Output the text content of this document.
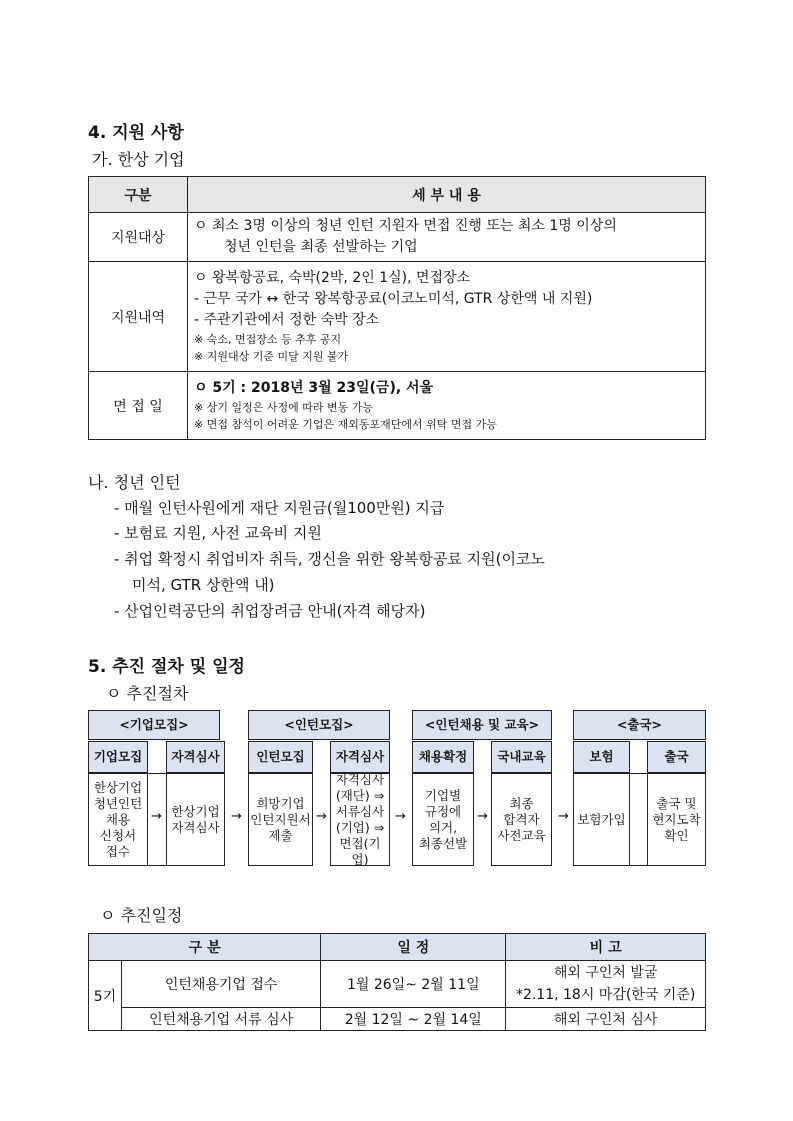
4. 지원 사항
가. 한상 기업
구분	세 부 내 용
지원대상	ㅇ 최소 3명 이상의 청년 인턴 지원자 면접 진행 또는 최소 1명 이상의
청년 인턴을 최종 선발하는 기업

지원내역	ㅇ 왕복항공료, 숙박(2박, 2인 1실), 면접장소
- 근무 국가 ↔ 한국 왕복항공료(이코노미석, GTR 상한액 내 지원)
- 주관기관에서 정한 숙박 장소
※ 숙소, 면접장소 등 추후 공지
※ 지원대상 기준 미달 지원 불가

면 접 일	ㅇ 5기 : 2018년 3월 23일(금), 서울
※ 상기 일정은 사정에 따라 변동 가능
※ 면접 참석이 어려운 기업은 재외동포재단에서 위탁 면접 가능
나. 청년 인턴
- 매월 인턴사원에게 재단 지원금(월100만원) 지급
- 보험료 지원, 사전 교육비 지원
- 취업 확정시 취업비자 취득, 갱신을 위한 왕복항공료 지원(이코노
미석, GTR 상한액 내)
- 산업인력공단의 취업장려금 안내(자격 해당자)
5. 추진 절차 및 일정
ㅇ 추진절차
<기업모집>
기업모집	자격심사
한상기업
청년인턴
채용
신청서
접수
한상기업
자격심사
→	→
<인턴모집>
인턴모집	자격심사
희망기업
인턴지원서
제출
자격심사
(재단) ⇒
서류심사
(기업) ⇒
면접(기업)
→	→
<인턴채용 및 교육>
채용확정	국내교육
기업별
규정에
의거,
최종선발
최종
합격자
사전교육
→	→
<출국>
보험	출국
보험가입
출국 및
현지도착
확인
ㅇ 추진일정
구 분		일 정	비 고
5기	인턴채용기업 접수	1월 26일~ 2월 11일	해외 구인처 발굴
*2.11, 18시 마감(한국 기준)

	인턴채용기업 서류 심사	2월 12일 ~ 2월 14일	해외 구인처 심사
